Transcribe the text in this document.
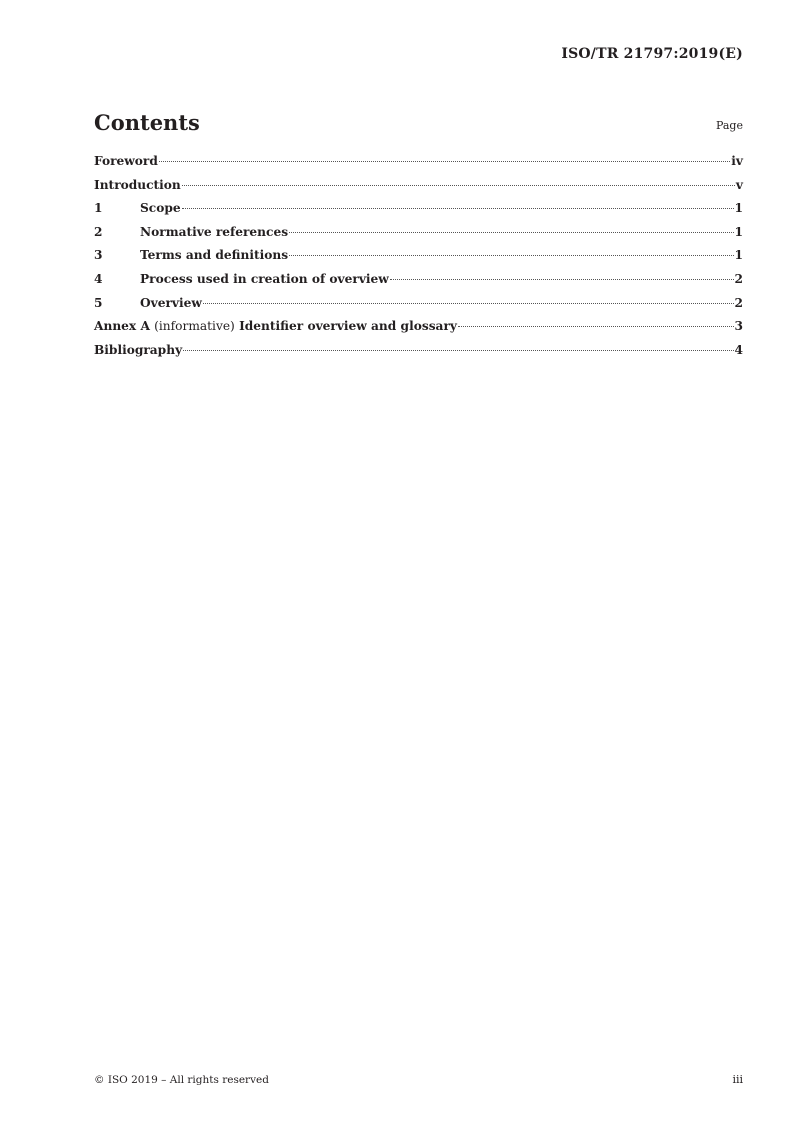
ISO/TR 21797:2019(E)
Contents	Page
Foreword	iv
Introduction	v
1	Scope	1
2	Normative references	1
3	Terms and definitions	1
4	Process used in creation of overview	2
5	Overview	2
Annex A (informative) Identifier overview and glossary	3
Bibliography	4
© ISO 2019 – All rights reserved	iii
